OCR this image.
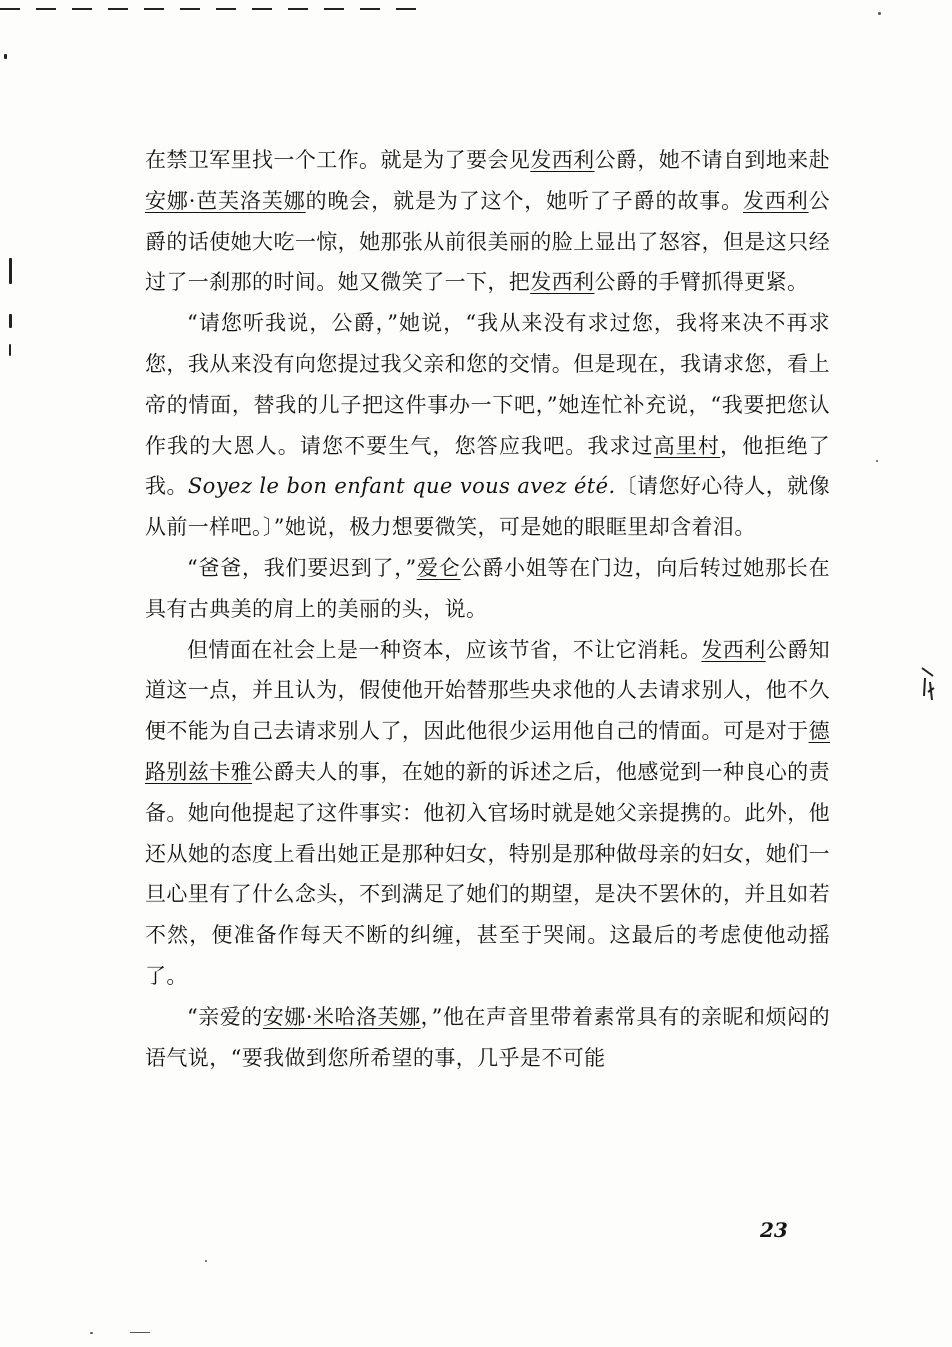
在禁卫军里找一个工作。就是为了要会见发西利公爵，她不请自到地来赴安娜·芭芙洛芙娜的晚会，就是为了这个，她听了子爵的故事。发西利公爵的话使她大吃一惊，她那张从前很美丽的脸上显出了怒容，但是这只经过了一刹那的时间。她又微笑了一下，把发西利公爵的手臂抓得更紧。

“请您听我说，公爵，”她说，“我从来没有求过您，我将来决不再求您，我从来没有向您提过我父亲和您的交情。但是现在，我请求您，看上帝的情面，替我的儿子把这件事办一下吧，”她连忙补充说，“我要把您认作我的大恩人。请您不要生气，您答应我吧。我求过高里村，他拒绝了我。Soyez le bon enfant que vous avez été.〔请您好心待人，就像从前一样吧。〕”她说，极力想要微笑，可是她的眼眶里却含着泪。

“爸爸，我们要迟到了，”爱仑公爵小姐等在门边，向后转过她那长在具有古典美的肩上的美丽的头，说。

但情面在社会上是一种资本，应该节省，不让它消耗。发西利公爵知道这一点，并且认为，假使他开始替那些央求他的人去请求别人，他不久便不能为自己去请求别人了，因此他很少运用他自己的情面。可是对于德路别兹卡雅公爵夫人的事，在她的新的诉述之后，他感觉到一种良心的责备。她向他提起了这件事实：他初入官场时就是她父亲提携的。此外，他还从她的态度上看出她正是那种妇女，特别是那种做母亲的妇女，她们一旦心里有了什么念头，不到满足了她们的期望，是决不罢休的，并且如若不然，便准备作每天不断的纠缠，甚至于哭闹。这最后的考虑使他动摇了。

“亲爱的安娜·米哈洛芙娜，”他在声音里带着素常具有的亲昵和烦闷的语气说，“要我做到您所希望的事，几乎是不可能

23
